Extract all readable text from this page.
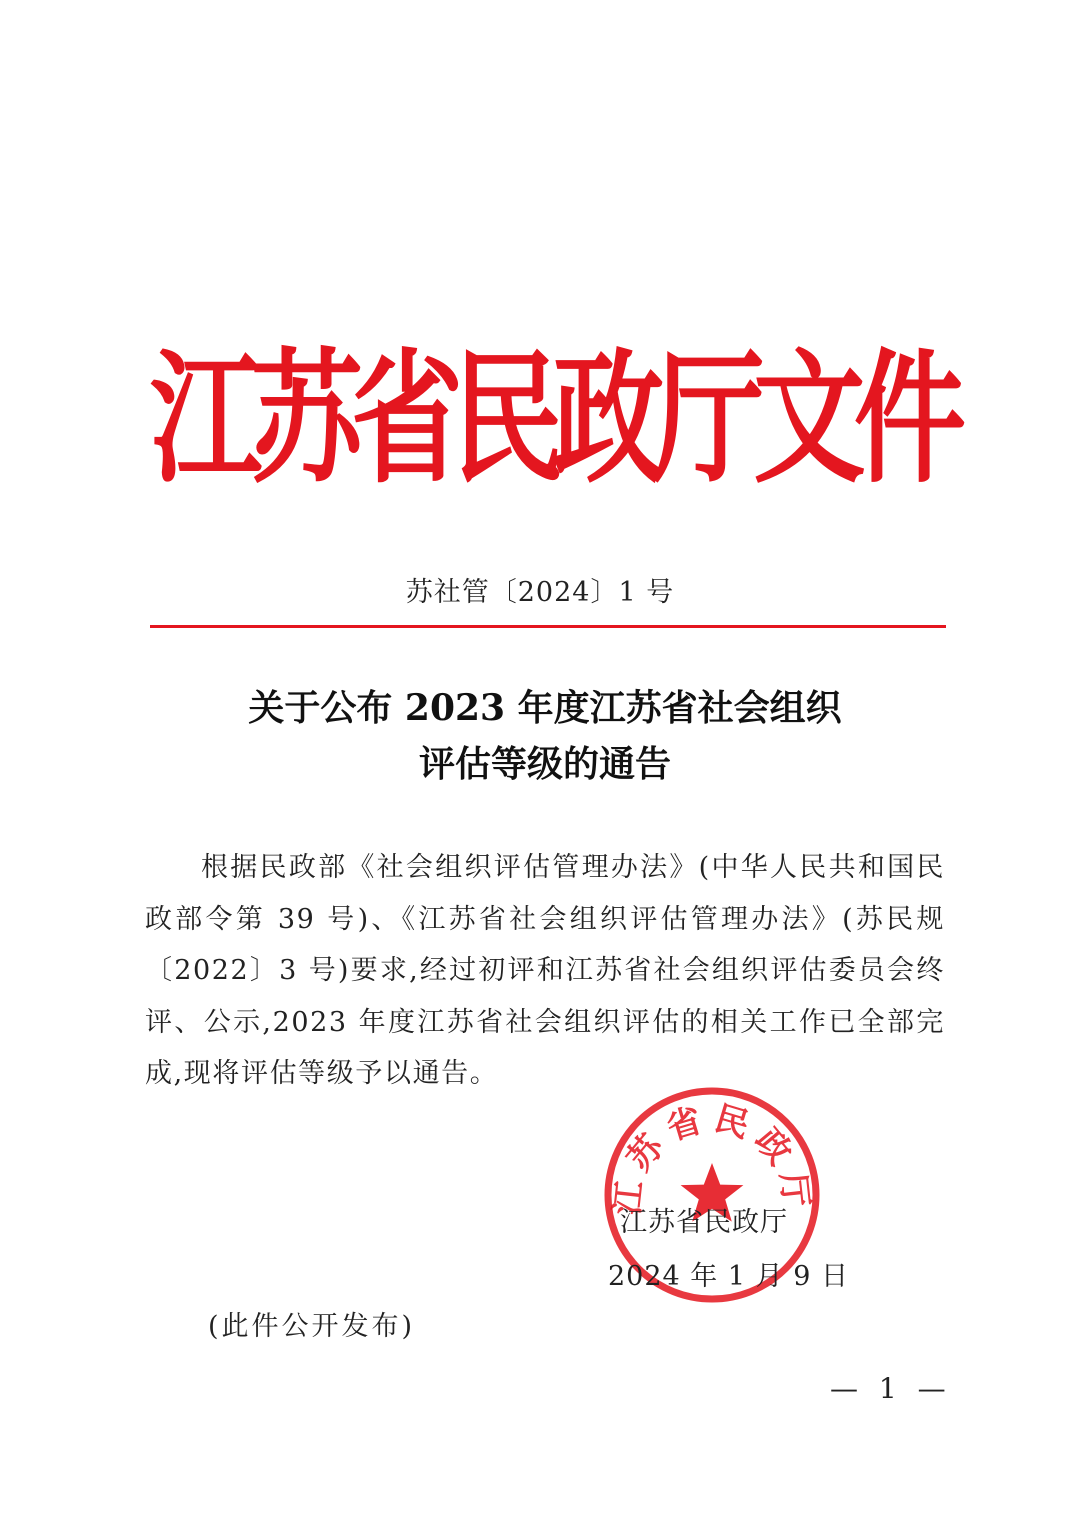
江
苏
省
民
政
厅
文
件
苏社管〔2024〕1 号
关于公布 2023 年度江苏省社会组织
评估等级的通告
根据民政部《社会组织评估管理办法》(中华人民共和国民政部令第 39 号)、《江苏省社会组织评估管理办法》(苏民规〔2022〕3 号)要求,经过初评和江苏省社会组织评估委员会终评、公示,2023 年度江苏省社会组织评估的相关工作已全部完成,现将评估等级予以通告。
江苏省民政厅
江苏省民政厅
2024 年 1 月 9 日
(此件公开发布)
— 1 —
